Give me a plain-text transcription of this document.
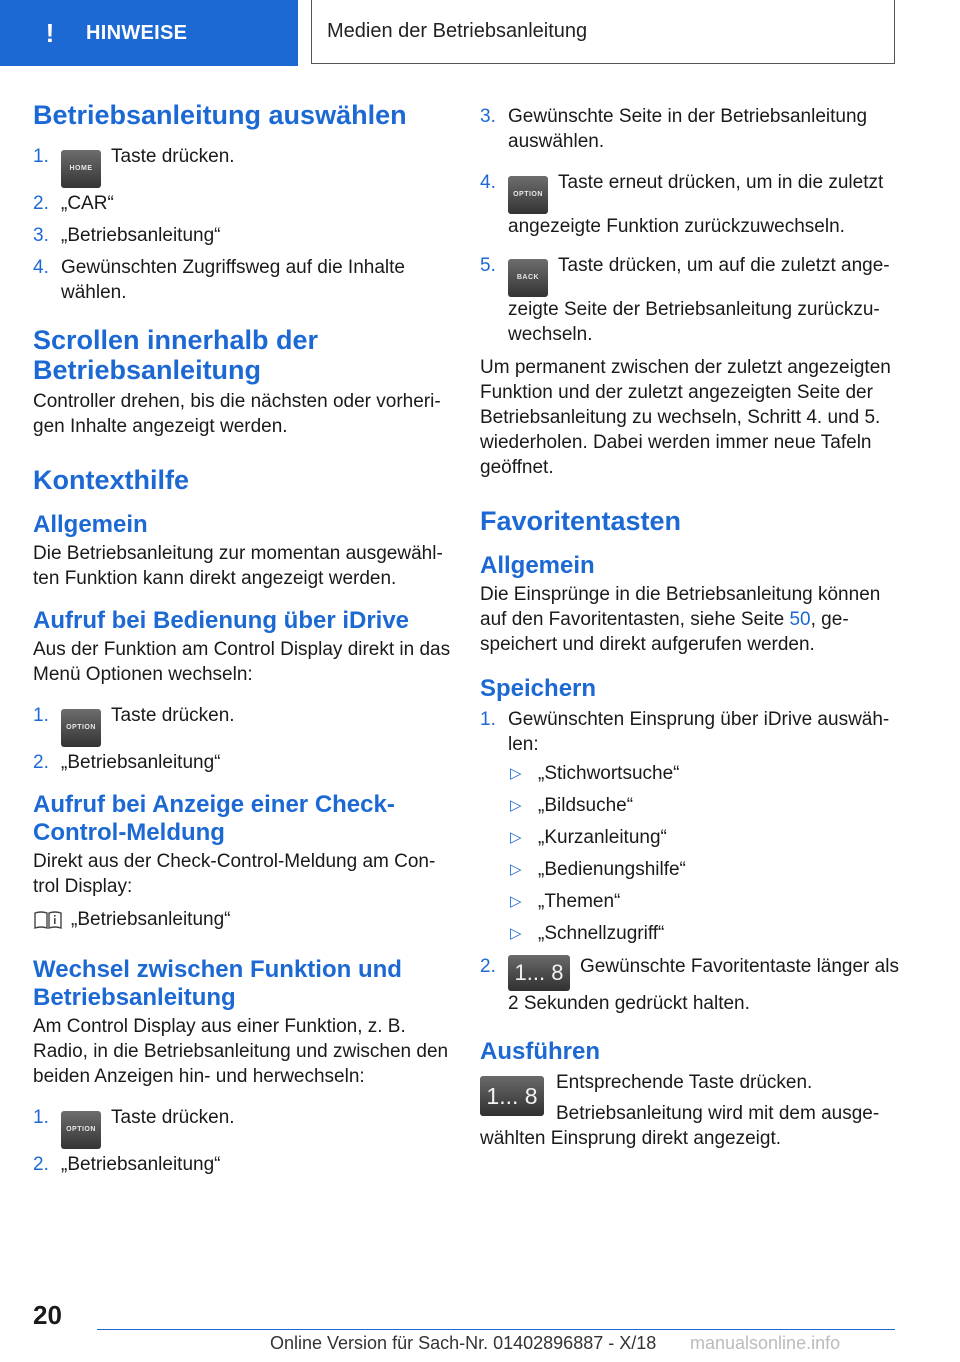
! HINWEISE	Medien der Betriebsanleitung
Betriebsanleitung auswählen
1.
HOMETaste drücken.
2. „CAR“
3. „Betriebsanleitung“
4. Gewünschten Zugriffsweg auf die Inhalte wählen.
Scrollen innerhalb der
Betriebsanleitung

Controller drehen, bis die nächsten oder vorheri-gen Inhalte angezeigt werden.

Kontexthilfe
Allgemein

Die Betriebsanleitung zur momentan ausgewähl-ten Funktion kann direkt angezeigt werden.

Aufruf bei Bedienung über iDrive

Aus der Funktion am Control Display direkt in das Menü Optionen wechseln:

1.
OPTIONTaste drücken.
2. „Betriebsanleitung“
Aufruf bei Anzeige einer Check-
Control-Meldung

Direkt aus der Check-Control-Meldung am Con-trol Display:

„Betriebsanleitung“
Wechsel zwischen Funktion und
Betriebsanleitung

Am Control Display aus einer Funktion, z. B. Radio, in die Betriebsanleitung und zwischen den beiden Anzeigen hin- und herwechseln:

1.
OPTIONTaste drücken.
2. „Betriebsanleitung“
3. Gewünschte Seite in der Betriebsanleitung auswählen.
4.
OPTIONTaste erneut drücken, um in die zuletzt angezeigte Funktion zurückzuwechseln.
5.
BACKTaste drücken, um auf die zuletzt ange-zeigte Seite der Betriebsanleitung zurückzu-wechseln.

Um permanent zwischen der zuletzt angezeigten Funktion und der zuletzt angezeigten Seite der Betriebsanleitung zu wechseln, Schritt 4. und 5. wiederholen. Dabei werden immer neue Tafeln geöffnet.

Favoritentasten
Allgemein

Die Einsprünge in die Betriebsanleitung können auf den Favoritentasten, siehe Seite 50, ge-speichert und direkt aufgerufen werden.

Speichern
1. Gewünschten Einsprung über iDrive auswäh-len:
▷ „Stichwortsuche“
▷ „Bildsuche“
▷ „Kurzanleitung“
▷ „Bedienungshilfe“
▷ „Themen“
▷ „Schnellzugriff“
2. 1... 8 Gewünschte Favoritentaste länger als 2 Sekunden gedrückt halten.
Ausführen
1... 8

Entsprechende Taste drücken.

Betriebsanleitung wird mit dem ausge-wählten Einsprung direkt angezeigt.

20
Online Version für Sach-Nr. 01402896887 - X/18 manualsonline.info
